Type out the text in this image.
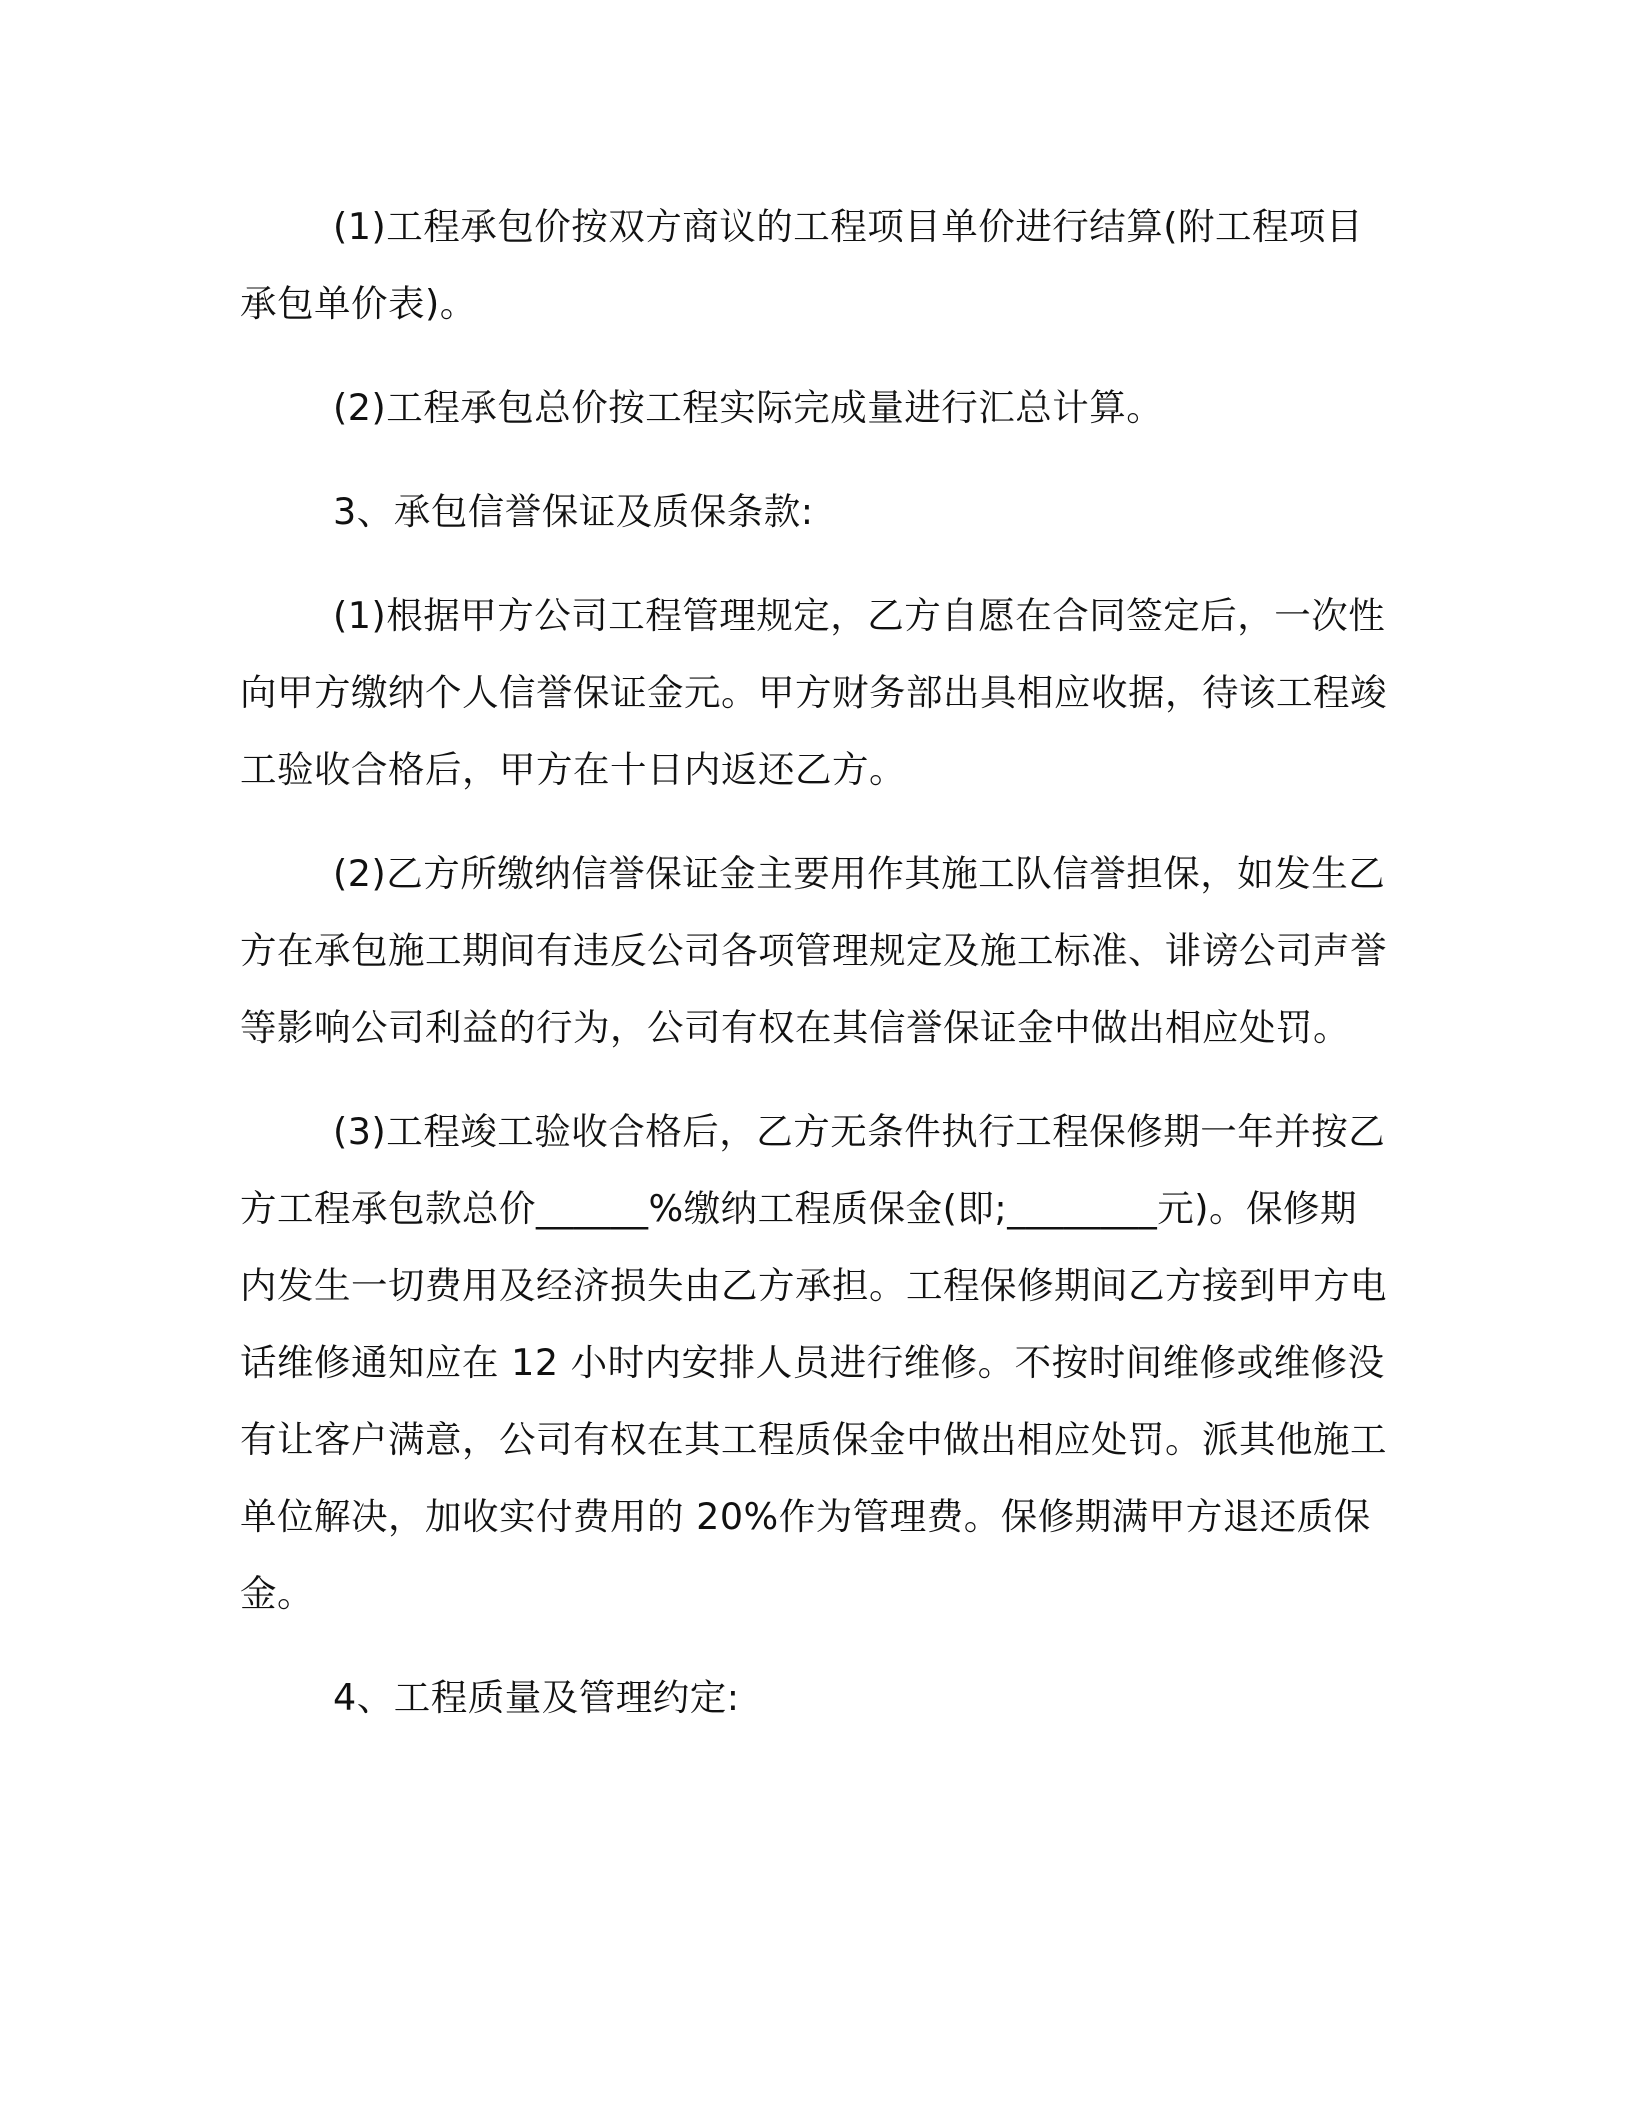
(1)工程承包价按双方商议的工程项目单价进行结算(附工程项目承包单价表)。

(2)工程承包总价按工程实际完成量进行汇总计算。

3、承包信誉保证及质保条款:

(1)根据甲方公司工程管理规定，乙方自愿在合同签定后，一次性向甲方缴纳个人信誉保证金元。甲方财务部出具相应收据，待该工程竣工验收合格后，甲方在十日内返还乙方。

(2)乙方所缴纳信誉保证金主要用作其施工队信誉担保，如发生乙方在承包施工期间有违反公司各项管理规定及施工标准、诽谤公司声誉等影响公司利益的行为，公司有权在其信誉保证金中做出相应处罚。

(3)工程竣工验收合格后，乙方无条件执行工程保修期一年并按乙方工程承包款总价______%缴纳工程质保金(即;________元)。保修期内发生一切费用及经济损失由乙方承担。工程保修期间乙方接到甲方电话维修通知应在 12 小时内安排人员进行维修。不按时间维修或维修没有让客户满意，公司有权在其工程质保金中做出相应处罚。派其他施工单位解决，加收实付费用的 20%作为管理费。保修期满甲方退还质保金。

4、工程质量及管理约定:
